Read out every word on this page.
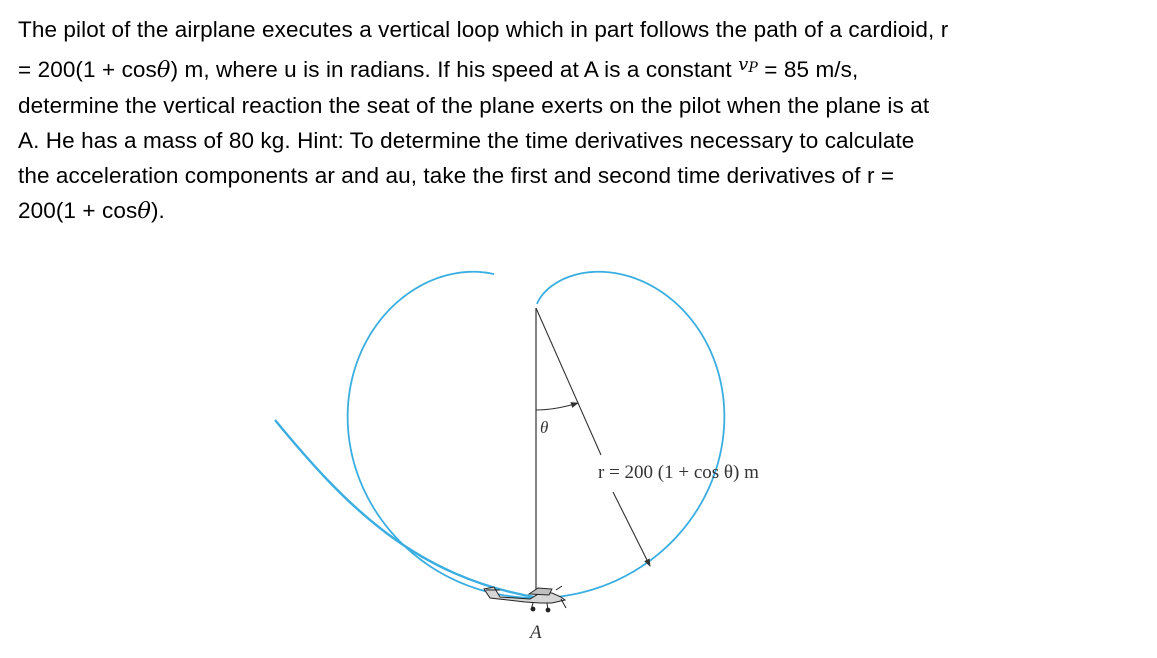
The pilot of the airplane executes a vertical loop which in part follows the path of a cardioid, r
= 200(1 + cosθ) m, where u is in radians. If his speed at A is a constant $^{vP}$ = 85 m/s,
determine the vertical reaction the seat of the plane exerts on the pilot when the plane is at
A. He has a mass of 80 kg. Hint: To determine the time derivatives necessary to calculate
the acceleration components ar and au, take the first and second time derivatives of r =
200(1 + cosθ).
θ
r = 200 (1 + cos θ) m
A
